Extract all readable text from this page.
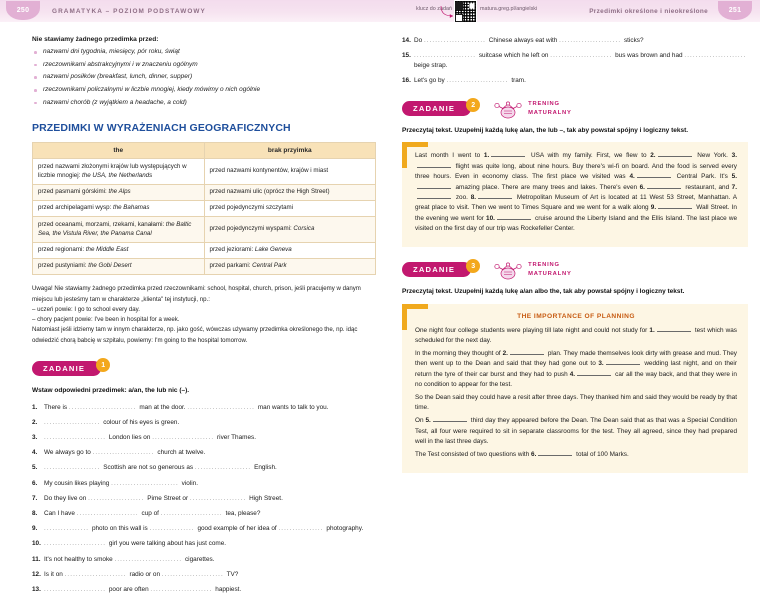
250	GRAMATYKA – POZIOM PODSTAWOWY	klucz do zadań	matura.greg.pl/angielski	Przedimki określone i nieokreślone	251
Nie stawiamy żadnego przedimka przed:
nazwami dni tygodnia, miesięcy, pór roku, świąt
rzeczownikami abstrakcyjnymi i w znaczeniu ogólnym
nazwami posiłków (breakfast, lunch, dinner, supper)
rzeczownikami policzalnymi w liczbie mnogiej, kiedy mówimy o nich ogólnie
nazwami chorób (z wyjątkiem a headache, a cold)
PRZEDIMKI W WYRAŻENIACH GEOGRAFICZNYCH
the	brak przyimka
przed nazwami złożonymi krajów lub występujących w liczbie mnogiej: the USA, the Netherlands	przed nazwami kontynentów, krajów i miast
przed pasmami górskimi: the Alps	przed nazwami ulic (oprócz the High Street)
przed archipelagami wysp: the Bahamas	przed pojedynczymi szczytami
przed oceanami, morzami, rzekami, kanałami: the Baltic Sea, the Vistula River, the Panama Canal	przed pojedynczymi wyspami: Corsica
przed regionami: the Middle East	przed jeziorami: Lake Geneva
przed pustyniami: the Gobi Desert	przed parkami: Central Park
Uwaga! Nie stawiamy żadnego przedimka przed rzeczownikami: school, hospital, church, prison, jeśli pracujemy w danym miejscu lub jesteśmy tam w charakterze „klienta" tej instytucji, np.:
– uczeń powie: I go to school every day.
– chory pacjent powie: I've been in hospital for a week.
Natomiast jeśli idziemy tam w innym charakterze, np. jako gość, wówczas używamy przedimka określonego the, np. idąc odwiedzić chorą babcię w szpitalu, powiemy: I'm going to the hospital tomorrow.
ZADANIE	1
Wstaw odpowiedni przedimek: a/an, the lub nic (–).
1.	There is ........................ man at the door. ........................ man wants to talk to you.
2.	.................... colour of his eyes is green.
3.	...................... London lies on ...................... river Thames.
4.	We always go to ...................... church at twelve.
5.	.................... Scottish are not so generous as .................... English.
6.	My cousin likes playing ........................ violin.
7.	Do they live on .................... Pime Street or .................... High Street.
8.	Can I have ...................... cup of ...................... tea, please?
9.	................ photo on this wall is ................ good example of her idea of ................ photography.
10. ...................... girl you were talking about has just come.
11. It's not healthy to smoke ........................ cigarettes.
12. Is it on ...................... radio or on ...................... TV?
13. ...................... poor are often ...................... happiest.
14. Do ...................... Chinese always eat with ...................... sticks?
15. ...................... suitcase which he left on ...................... bus was brown and had ...................... beige strap.
16. Let's go by ...................... tram.
ZADANIE	2	TRENING
MATURALNY
Przeczytaj tekst. Uzupełnij każdą lukę a/an, the lub –, tak aby powstał spójny i logiczny tekst.

Last month I went to 1.	USA with my family. First, we flew to 2.	New York. 3. flight was quite long, about nine hours. Buy there's wi-fi on board. And the food is served every three hours. Even in economy class. The first place we visited was 4.	Central Park. It's 5. amazing place. There are many trees and lakes. There's even 6.	restaurant, and 7. zoo. 8.	Metropolitan Museum of Art is located at 11 West 53 Street, Manhattan. A great place to visit. Then we went to Times Square and we went for a walk along 9.	Wall Street. In the evening we went for 10.	cruise around the Liberty Island and the Ellis Island. The last place we visited on the first day of our trip was Rockefeller Center.

ZADANIE	3	TRENING
MATURALNY
Przeczytaj tekst. Uzupełnij każdą lukę a/an albo the, tak aby powstał spójny i logiczny tekst.
THE IMPORTANCE OF PLANNING

One night four college students were playing till late night and could not study for 1.	test which was scheduled for the next day.

In the morning they thought of 2.	plan. They made themselves look dirty with grease and mud. They then went up to the Dean and said that they had gone out to 3.	wedding last night, and on their return the tyre of their car burst and they had to push 4.	car all the way back, and that they were in no condition to appear for the test.

So the Dean said they could have a resit after three days. They thanked him and said they would be ready by that time.

On 5.	third day they appeared before the Dean. The Dean said that as that was a Special Condition Test, all four were required to sit in separate classrooms for the test. They all agreed, since they had prepared well in the last three days.

The Test consisted of two questions with 6.	total of 100 Marks.
